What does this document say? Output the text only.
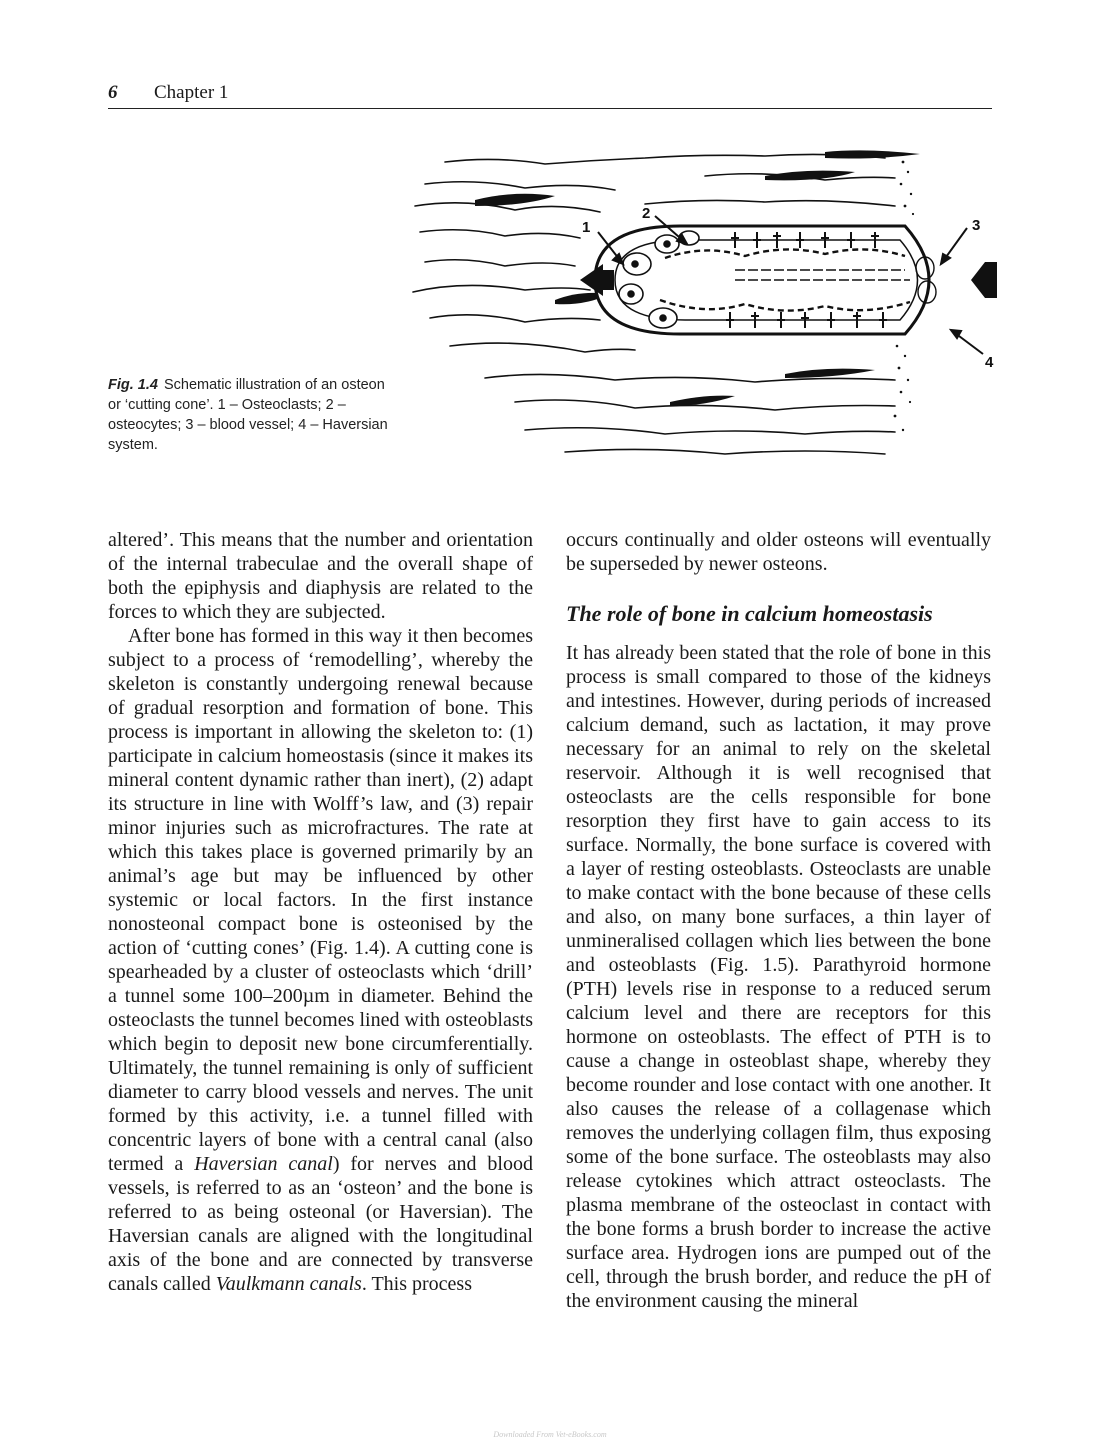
6 Chapter 1
1
2
3
4
Fig. 1.4 Schematic illustration of an osteon or ‘cutting cone’. 1 – Osteoclasts; 2 – osteocytes; 3 – blood vessel; 4 – Haversian system.

altered’. This means that the number and orientation of the internal trabeculae and the overall shape of both the epiphysis and diaphysis are related to the forces to which they are subjected.

After bone has formed in this way it then becomes subject to a process of ‘remodelling’, whereby the skeleton is constantly undergoing renewal because of gradual resorption and formation of bone. This process is important in allowing the skeleton to: (1) participate in calcium homeostasis (since it makes its mineral content dynamic rather than inert), (2) adapt its structure in line with Wolff’s law, and (3) repair minor injuries such as microfractures. The rate at which this takes place is governed primarily by an animal’s age but may be influenced by other systemic or local factors. In the first instance nonosteonal compact bone is osteonised by the action of ‘cutting cones’ (Fig. 1.4). A cutting cone is spearheaded by a cluster of osteoclasts which ‘drill’ a tunnel some 100–200µm in diameter. Behind the osteoclasts the tunnel becomes lined with osteoblasts which begin to deposit new bone circumferentially. Ultimately, the tunnel remaining is only of sufficient diameter to carry blood vessels and nerves. The unit formed by this activity, i.e. a tunnel filled with concentric layers of bone with a central canal (also termed a Haversian canal) for nerves and blood vessels, is referred to as an ‘osteon’ and the bone is referred to as being osteonal (or Haversian). The Haversian canals are aligned with the longitudinal axis of the bone and are connected by transverse canals called Vaulkmann canals. This process

occurs continually and older osteons will eventually be superseded by newer osteons.

The role of bone in calcium homeostasis

It has already been stated that the role of bone in this process is small compared to those of the kidneys and intestines. However, during periods of increased calcium demand, such as lactation, it may prove necessary for an animal to rely on the skeletal reservoir. Although it is well recognised that osteoclasts are the cells responsible for bone resorption they first have to gain access to its surface. Normally, the bone surface is covered with a layer of resting osteoblasts. Osteoclasts are unable to make contact with the bone because of these cells and also, on many bone surfaces, a thin layer of unmineralised collagen which lies between the bone and osteoblasts (Fig. 1.5). Parathyroid hormone (PTH) levels rise in response to a reduced serum calcium level and there are receptors for this hormone on osteoblasts. The effect of PTH is to cause a change in osteoblast shape, whereby they become rounder and lose contact with one another. It also causes the release of a collagenase which removes the underlying collagen film, thus exposing some of the bone surface. The osteoblasts may also release cytokines which attract osteoclasts. The plasma membrane of the osteoclast in contact with the bone forms a brush border to increase the active surface area. Hydrogen ions are pumped out of the cell, through the brush border, and reduce the pH of the environment causing the mineral

Downloaded From Vet-eBooks.com
